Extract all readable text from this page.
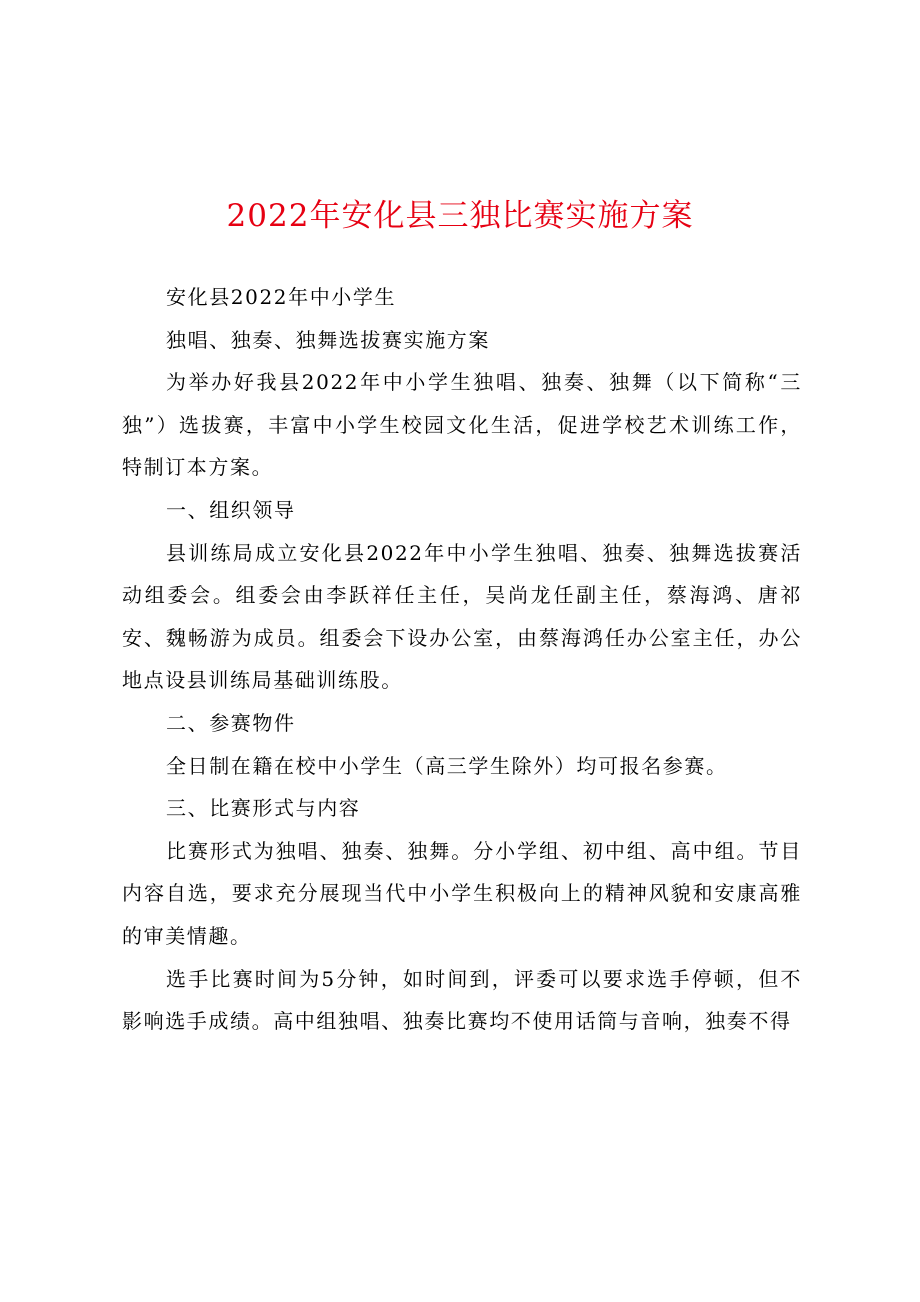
2022年安化县三独比赛实施方案

安化县2022年中小学生

独唱、独奏、独舞选拔赛实施方案

为举办好我县2022年中小学生独唱、独奏、独舞（以下简称“三独”）选拔赛，丰富中小学生校园文化生活，促进学校艺术训练工作，特制订本方案。

一、组织领导

县训练局成立安化县2022年中小学生独唱、独奏、独舞选拔赛活动组委会。组委会由李跃祥任主任，吴尚龙任副主任，蔡海鸿、唐祁安、魏畅游为成员。组委会下设办公室，由蔡海鸿任办公室主任，办公地点设县训练局基础训练股。

二、参赛物件

全日制在籍在校中小学生（高三学生除外）均可报名参赛。

三、比赛形式与内容

比赛形式为独唱、独奏、独舞。分小学组、初中组、高中组。节目内容自选，要求充分展现当代中小学生积极向上的精神风貌和安康高雅的审美情趣。

选手比赛时间为5分钟，如时间到，评委可以要求选手停顿，但不影响选手成绩。高中组独唱、独奏比赛均不使用话筒与音响，独奏不得
